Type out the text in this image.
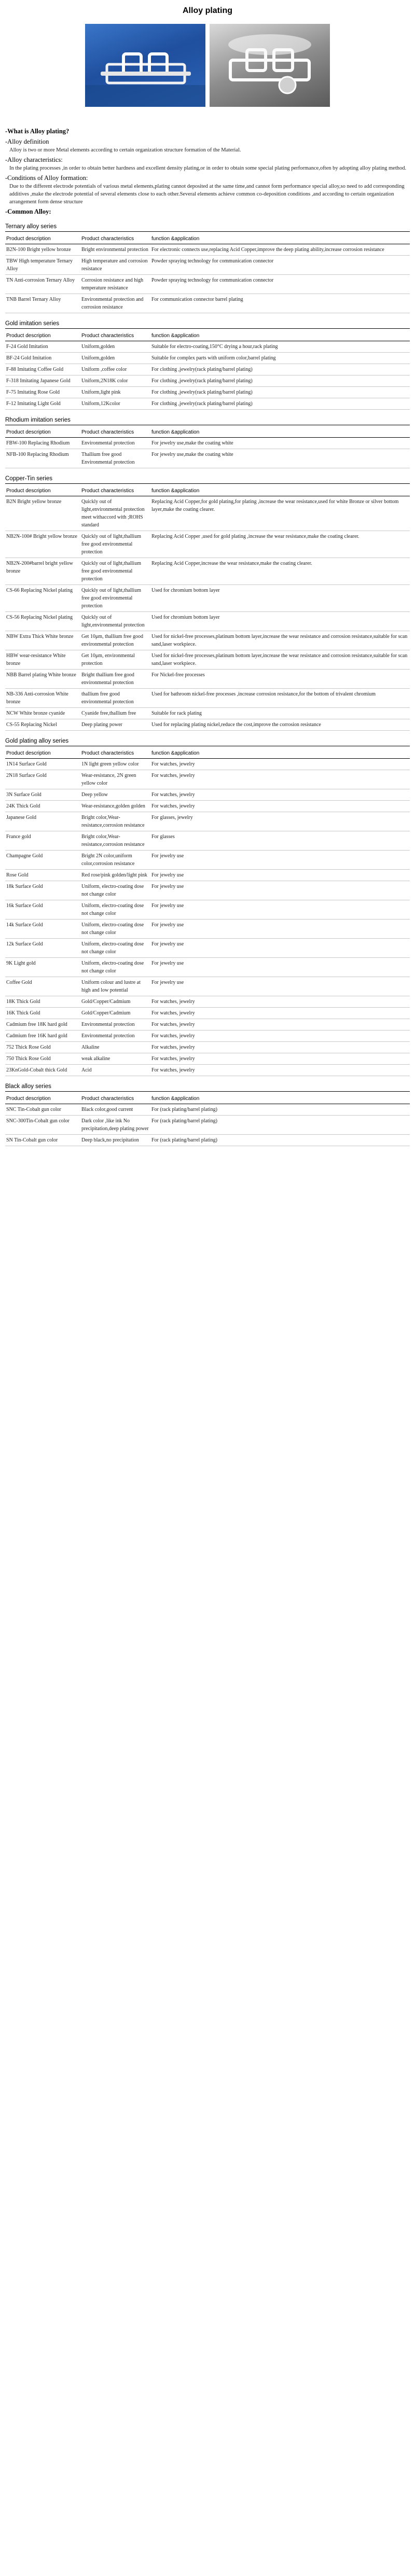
Alloy plating
-What is Alloy plating?
-Alloy definition
Alloy is two or more Metal elements according to certain organization structure formation of the Material.
-Alloy characteristics:
In the plating processes ,in order to obtain better hardness and excellent density plating,or in order to obtain some special plating performance,often by adopting alloy plating method.
-Conditions of Alloy formation:
Due to the different electrode potentials of various metal elements,plating cannot deposited at the same time,and cannot form performance special alloy,so need to add corresponding additives ,make the electrode potential of several elements close to each other.Several elements achieve common co-deposition conditions ,and according to certain organization arrangement form dense structure
-Common Alloy:
Ternary alloy series
Product description	Product characteristics	function &application
B2N-100 Bright yellow bronze	Bright environmental protection	For electronic connects use,replacing Acid Copper,improve the deep plating ability,increase corrosion resistance
TBW High temperature Ternary Alloy	High temperature and corrosion resistance	Powder spraying technology for communication connector
TN Anti-corrosion Ternary Alloy	Corrosion resistance and high temperature resistance	Powder spraying technology for communication connector
TNB Barrel Ternary Alloy	Environmental protection and corrosion resistance	For communication connector barrel plating
Gold imitation series
Product description	Product characteristics	function &application
F-24 Gold Imitation	Uniform,golden	Suitable for electro-coating,150°C drying a hour,rack plating
BF-24 Gold Imitation	Uniform,golden	Suitable for complex parts with uniform color,barrel plating
F-88 Imitating Coffee Gold	Uniform ,coffee color	For clothing ,jewelry(rack plating/barrel plating)
F-318 Imitating Japanese Gold	Uniform,2N18K color	For clothing ,jewelry(rack plating/barrel plating)
F-75 Imitating Rose Gold	Uniform,light pink	For clothing ,jewelry(rack plating/barrel plating)
F-12 Imitating Light Gold	Uniform,12Kcolor	For clothing ,jewelry(rack plating/barrel plating)
Rhodium imitation series
Product description	Product characteristics	function &application
FBW-100 Replacing Rhodium	Environmental protection	For jewelry use,make the coating white
NFB-100 Replacing Rhodium	Thallium free good Environmental protection	For jewelry use,make the coating white
Copper-Tin series
Product description	Product characteristics	function &application
B2N Bright yellow bronze	Quickly out of light,environmental protection meet withaccord with ;ROHS standard	Replacing Acid Copper,for gold plating,for plating ,increase the wear resistance,used for white Bronze or silver bottom layer,make the coating clearer.
NB2N-100# Bright yellow bronze	Quickly out of light,thallium free good environmental protection	Replacing Acid Copper ,used for gold plating ,increase the wear resistance,make the coating clearer.
NB2N-200#barrel bright yellow bronze	Quickly out of light,thallium free good environmental protection	Replacing Acid Copper,increase the wear resistance,make the coating clearer.
CS-66 Replacing Nickel plating	Quickly out of light,thallium free good environmental protection	Used for chromium bottom layer
CS-56 Replacing Nickel plating	Quickly out of light,environmental protection	Used for chromium bottom layer
NBW Extra Thick White bronze	Get 10μm, thallium free good environmental protection	Used for nickel-free processes,platinum bottom layer,increase the wear resistance and corrosion resistance,suitable for scan sand,laser workpiece.
HBW wear-resistance White bronze	Get 10μm, environmental protection	Used for nickel-free processes,platinum bottom layer,increase the wear resistance and corrosion resistance,suitable for scan sand,laser workpiece.
NBB Barrel plating White bronze	Bright thallium free good environmental protection	For Nickel-free processes
NB-336 Anti-corrosion White bronze	thallium free good environmental protection	Used for bathroom nickel-free processes ,increase corrosion resistance,for the bottom of trivalent chromium
NCW White bronze cyanide	Cyanide free,thallium free	Suitable for rack plating
CS-55 Replacing Nickel	Deep plating power	Used for replacing plating nickel,reduce the cost,improve the corrosion resistance
Gold plating alloy series
Product description	Product characteristics	function &application
1N14 Surface Gold	1N light green yellow color	For watches, jewelry
2N18 Surface Gold	Wear-resistance, 2N green yellow color	For watches, jewelry
3N Surface Gold	Deep yellow	For watches, jewelry
24K Thick Gold	Wear-resistance,golden golden	For watches, jewelry
Japanese Gold	Bright color,Wear-resistance,corrosion resistance	For glasses, jewelry
France gold	Bright color,Wear-resistance,corrosion resistance	For glasses
Champagne Gold	Bright 2N color,uniform color,corrosion resistance	For jewelry use
Rose Gold	Red rose/pink golden/light pink	For jewelry use
18k Surface Gold	Uniform, electro-coating dose not change color	For jewelry use
16k Surface Gold	Uniform, electro-coating dose not change color	For jewelry use
14k Surface Gold	Uniform, electro-coating dose not change color	For jewelry use
12k Surface Gold	Uniform, electro-coating dose not change color	For jewelry use
9K Light gold	Uniform, electro-coating dose not change color	For jewelry use
Coffee Gold	Uniform colour and lustre at high and low potential	For jewelry use
18K Thick Gold	Gold/Copper/Cadmium	For watches, jewelry
16K Thick Gold	Gold/Copper/Cadmium	For watches, jewelry
Cadmium free 18K hard gold	Environmental protection	For watches, jewelry
Cadmium free 16K hard gold	Environmental protection	For watches, jewelry
752 Thick Rose Gold	Alkaline	For watches, jewelry
750 Thick Rose Gold	weak alkaline	For watches, jewelry
23KnGold-Cobalt thick Gold	Acid	For watches, jewelry
Black alloy series
Product description	Product characteristics	function &application
SNC Tin-Cobalt gun color	Black color,good current	For (rack plating/barrel plating)
SNC-300Tin-Cobalt gun color	Dark color ,like ink No precipitation,deep plating power	For (rack plating/barrel plating)
SN Tin-Cobalt gun color	Deep black,no precipitation	For (rack plating/barrel plating)
